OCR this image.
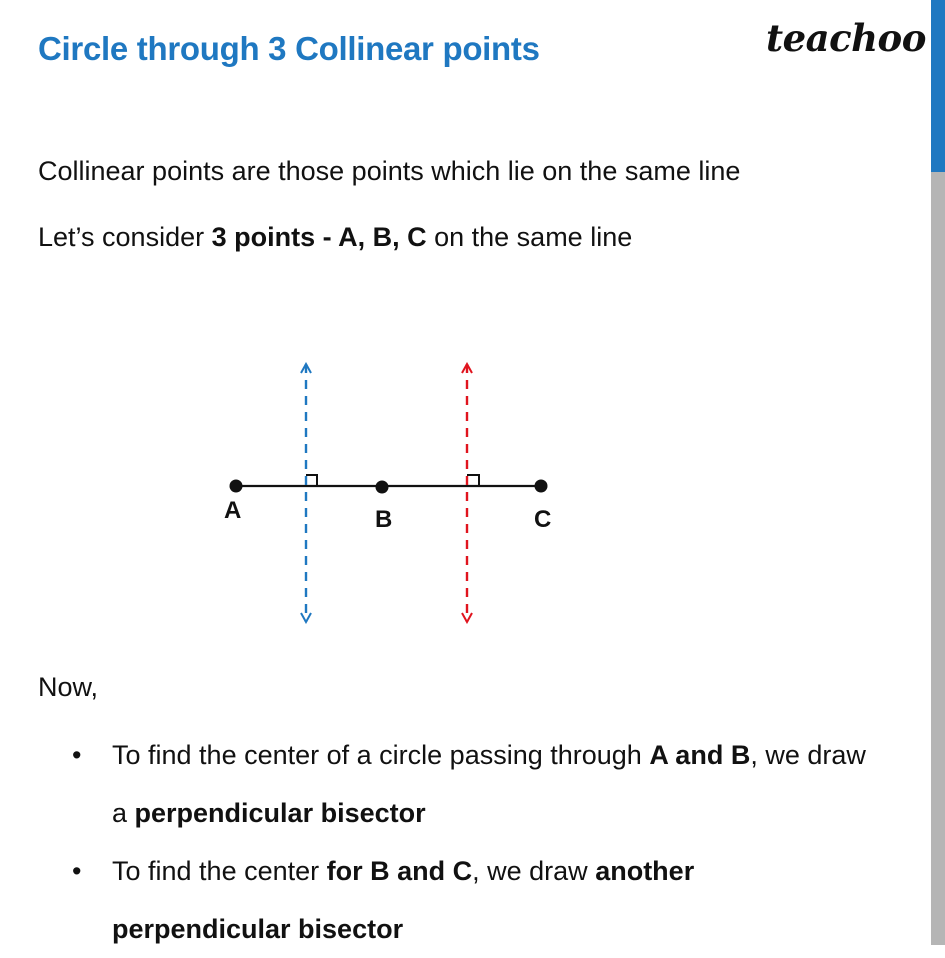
Circle through 3 Collinear points	teachoo

Collinear points are those points which lie on the same line

Let’s consider 3 points - A, B, C on the same line

A	B	C

Now,

• To find the center of a circle passing through A and B, we draw a perpendicular bisector
• To find the center for B and C, we draw another perpendicular bisector
